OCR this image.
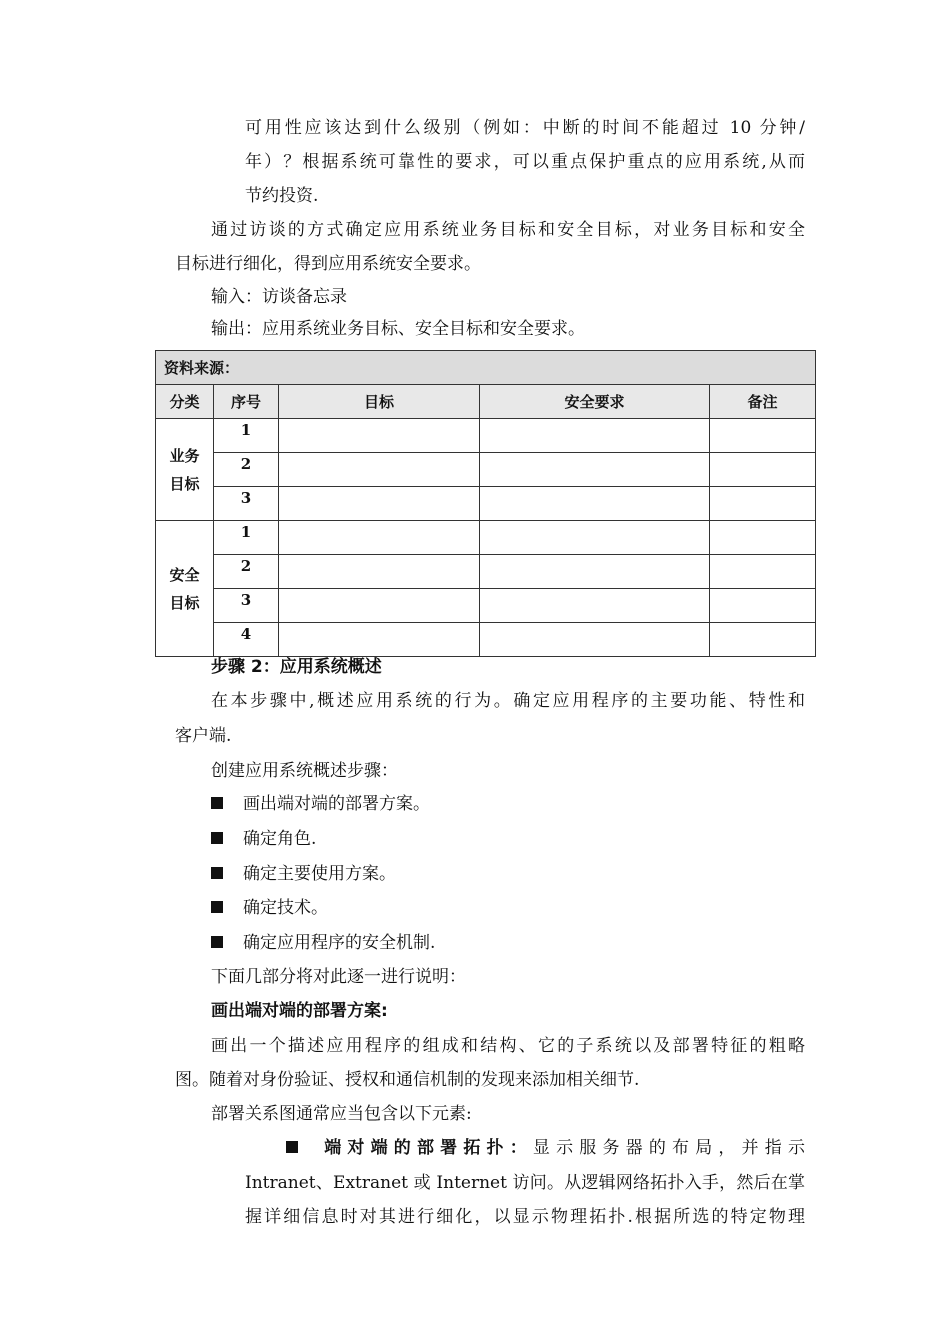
可用性应该达到什么级别（例如：中断的时间不能超过 10 分钟/
年）？根据系统可靠性的要求，可以重点保护重点的应用系统,从而
节约投资.
通过访谈的方式确定应用系统业务目标和安全目标，对业务目标和安全
目标进行细化，得到应用系统安全要求。
输入：访谈备忘录
输出：应用系统业务目标、安全目标和安全要求。
资料来源：				
分类	序号	目标	安全要求	备注

业务
目标	1			
	2			
	3			

安全
目标	1			
	2			
	3			
	4			
步骤 2：应用系统概述
在本步骤中,概述应用系统的行为。确定应用程序的主要功能、特性和
客户端.
创建应用系统概述步骤：
画出端对端的部署方案。
确定角色.
确定主要使用方案。
确定技术。
确定应用程序的安全机制.
下面几部分将对此逐一进行说明：
画出端对端的部署方案:
画出一个描述应用程序的组成和结构、它的子系统以及部署特征的粗略
图。随着对身份验证、授权和通信机制的发现来添加相关细节.
部署关系图通常应当包含以下元素:
端对端的部署拓扑：显示服务器的布局，并指示
Intranet、Extranet 或 Internet 访问。从逻辑网络拓扑入手，然后在掌
握详细信息时对其进行细化，以显示物理拓扑.根据所选的特定物理
